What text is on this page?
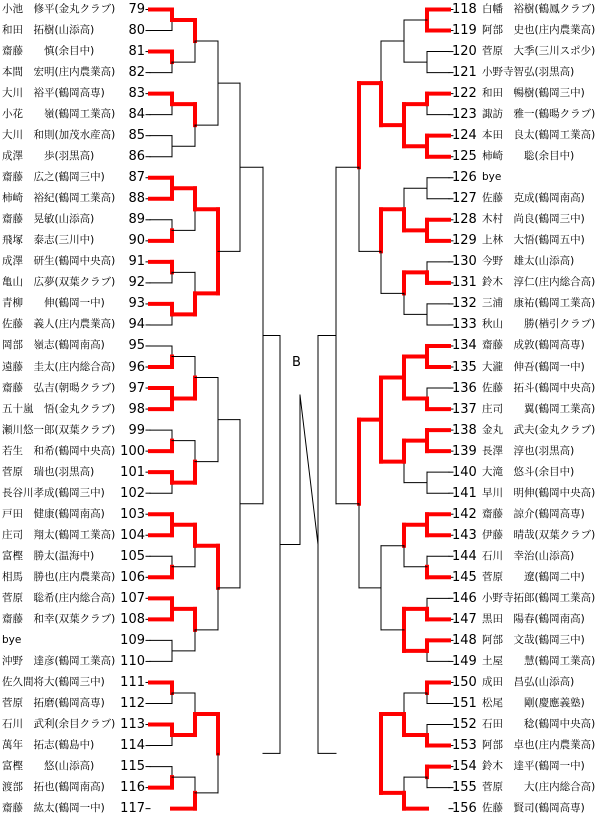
B
小池　修平(金丸クラブ) 79
和田　拓樹(山添高)	80
齋藤　　慎(余目中)	81
本間　宏明(庄内農業高) 82
大川　裕平(鶴岡高専) 83
小花　　嶺(鶴岡工業高) 84
大川　和則(加茂水産高) 85
成澤　　歩(羽黒高)	86
齋藤　広之(鶴岡三中) 87
柿崎　裕紀(鶴岡工業高) 88
齋藤　晃敏(山添高)	89
飛塚　泰志(三川中)	90
成澤　研生(鶴岡中央高) 91
亀山　広夢(双葉クラブ) 92
青柳　　伸(鶴岡一中) 93
佐藤　義人(庄内農業高) 94
岡部　嶺志(鶴岡南高) 95
遠藤　圭太(庄内総合高) 96
齋藤　弘吉(朝暘クラブ) 97
五十嵐　悟(金丸クラブ) 98
瀬川悠一郎(双葉クラブ) 99
若生　和希(鶴岡中央高) 100
菅原　瑞也(羽黒高) 101
長谷川孝成(鶴岡三中) 102
戸田　健康(鶴岡南高) 103
庄司　翔太(鶴岡工業高) 104
富樫　勝太(温海中) 105
相馬　勝也(庄内農業高) 106
菅原　聡希(庄内総合高) 107
齋藤　和幸(双葉クラブ) 108
bye	109
沖野　達彦(鶴岡工業高) 110
佐久間将大(鶴岡三中) 111
菅原　拓磨(鶴岡高専) 112
石川　武利(余目クラブ) 113
萬年　拓志(鶴島中) 114
富樫　　悠(山添高) 115
渡部　拓也(鶴岡南高) 116
齋藤　紘太(鶴岡一中) 117
118 白幡　裕樹(鶴鳳クラブ)
119 阿部　史也(庄内農業高)
120 菅原　大季(三川スポ少)
121 小野寺智弘(羽黒高)
122 和田　暢樹(鶴岡三中)
123 諏訪　雅一(鶴暘クラブ)
124 本田　良太(鶴岡工業高)
125 柿崎　　聡(余目中)
126 bye
127 佐藤　克成(鶴岡南高)
128 木村　尚良(鶴岡三中)
129 上林　大悟(鶴岡五中)
130 今野　雄太(山添高)
131 鈴木　淳仁(庄内総合高)
132 三浦　康祐(鶴岡工業高)
133 秋山　　勝(楢引クラブ)
134 齋藤　成敦(鶴岡高専)
135 大瀧　伸吾(鶴岡一中)
136 佐藤　拓斗(鶴岡中央高)
137 庄司　　翼(鶴岡工業高)
138 金丸　武夫(金丸クラブ)
139 長澤　淳也(羽黒高)
140 大滝　悠斗(余目中)
141 早川　明伸(鶴岡中央高)
142 齋藤　諒介(鶴岡高専)
143 伊藤　晴哉(双葉クラブ)
144 石川　幸治(山添高)
145 菅原　　遼(鶴岡二中)
146 小野寺拓郎(鶴岡工業高)
147 黒田　陽春(鶴岡南高)
148 阿部　文哉(鶴岡三中)
149 土屋　　慧(鶴岡工業高)
150 成田　昌弘(山添高)
151 松尾　　剛(慶應義塾)
152 石田　　稔(鶴岡中央高)
153 阿部　卓也(庄内農業高)
154 鈴木　達平(鶴岡一中)
155 菅原　　大(庄内総合高)
156 佐藤　賢司(鶴岡高専)
